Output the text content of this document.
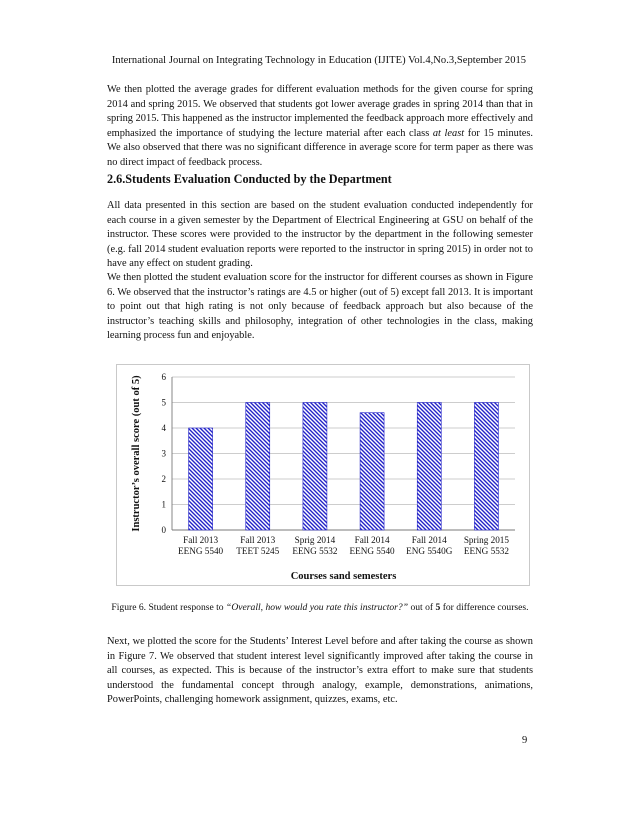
International Journal on Integrating Technology in Education (IJITE) Vol.4,No.3,September 2015

We then plotted the average grades for different evaluation methods for the given course for spring 2014 and spring 2015. We observed that students got lower average grades in spring 2014 than that in spring 2015. This happened as the instructor implemented the feedback approach more effectively and emphasized the importance of studying the lecture material after each class at least for 15 minutes. We also observed that there was no significant difference in average score for term paper as there was no direct impact of feedback process.

2.6.Students Evaluation Conducted by the Department

All data presented in this section are based on the student evaluation conducted independently for each course in a given semester by the Department of Electrical Engineering at GSU on behalf of the instructor. These scores were provided to the instructor by the department in the following semester (e.g. fall 2014 student evaluation reports were reported to the instructor in spring 2015) in order not to have any effect on student grading.

We then plotted the student evaluation score for the instructor for different courses as shown in Figure 6. We observed that the instructor’s ratings are 4.5 or higher (out of 5) except fall 2013. It is important to point out that high rating is not only because of feedback approach but also because of the instructor’s teaching skills and philosophy, integration of other technologies in the class, making learning process fun and enjoyable.

0
1
2
3
4
5
6
Fall 2013
EENG 5540
Fall 2013
TEET 5245
Sprig 2014
EENG 5532
Fall 2014
EENG 5540
Fall 2014
ENG 5540G
Spring 2015
EENG 5532
Courses sand semesters
Instructor’s overall score (out of 5)

Figure 6. Student response to “Overall, how would you rate this instructor?” out of 5 for difference courses.

Next, we plotted the score for the Students’ Interest Level before and after taking the course as shown in Figure 7. We observed that student interest level significantly improved after taking the course in all courses, as expected. This is because of the instructor’s extra effort to make sure that students understood the fundamental concept through analogy, example, demonstrations, animations, PowerPoints, challenging homework assignment, quizzes, exams, etc.

9
